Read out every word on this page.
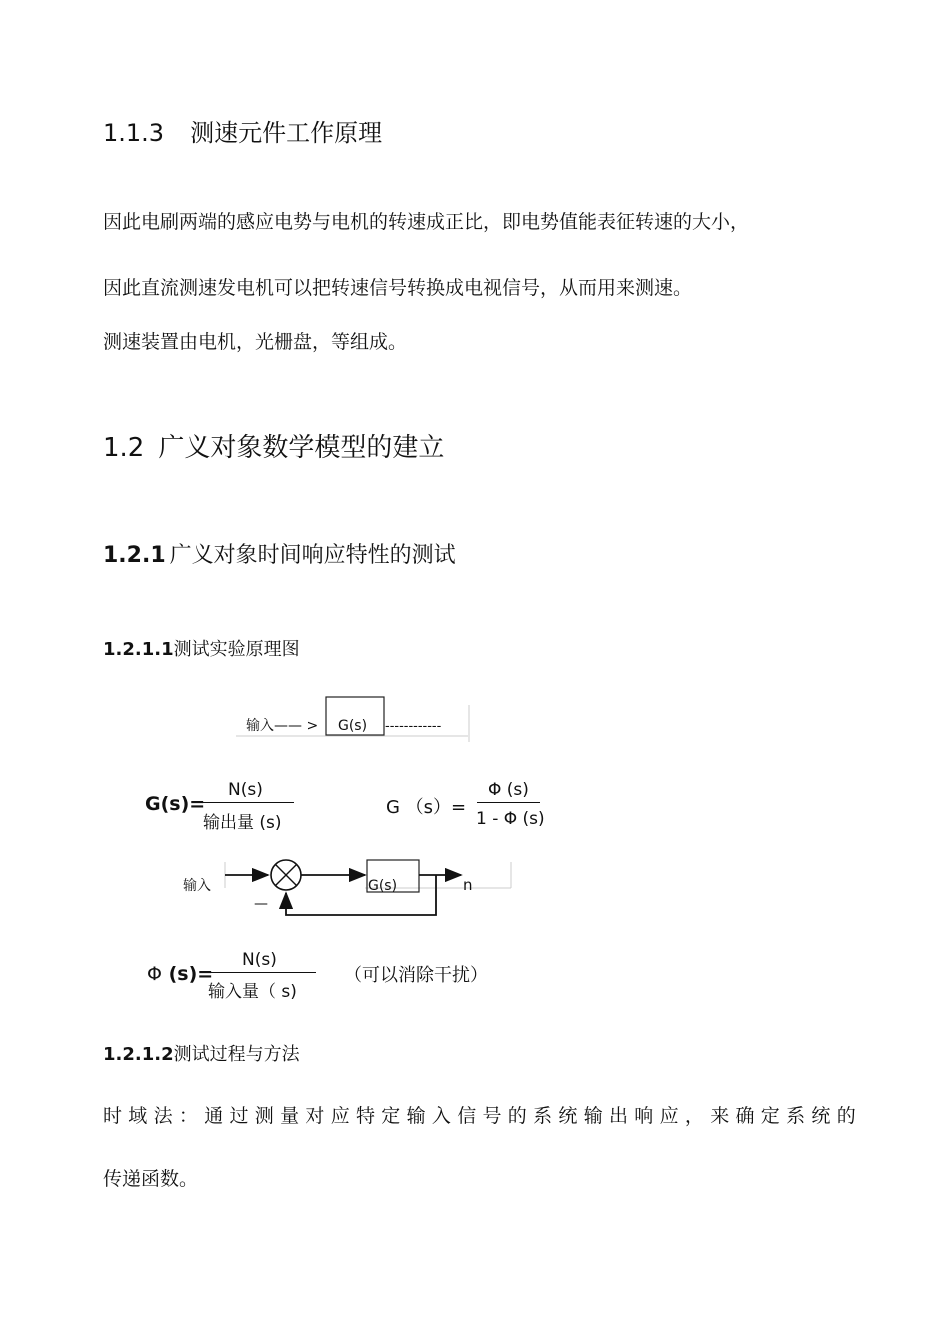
1.1.3 测速元件工作原理
因此电刷两端的感应电势与电机的转速成正比，即电势值能表征转速的大小，
因此直流测速发电机可以把转速信号转换成电视信号，从而用来测速。
测速装置由电机，光栅盘，等组成。
1.2 广义对象数学模型的建立
1.2.1 广义对象时间响应特性的测试
1.2.1.1测试实验原理图
输入—— > G(s) ------------
G(s)=
N(s)
输出量 (s)
G （s）=
Φ (s)
1 - Φ (s)
输入	G(s)	n
—
Φ (s)=
N(s)
输入量（ s)
（可以消除干扰）
1.2.1.2测试过程与方法
时域法：通过测量对应特定输入信号的系统输出响应，来确定系统的
传递函数。
